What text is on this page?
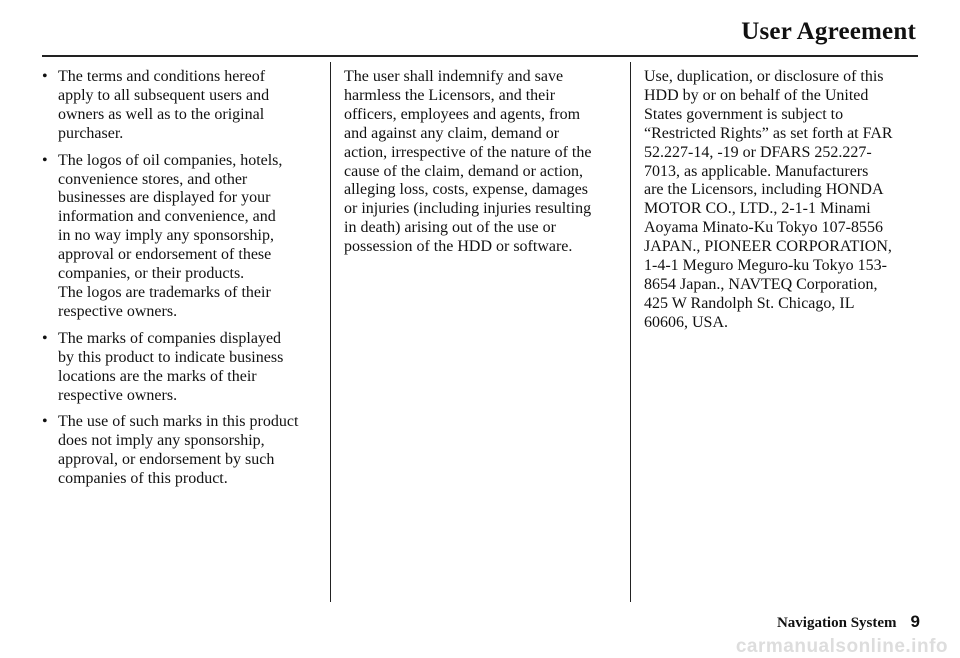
User Agreement
• The terms and conditions hereof
apply to all subsequent users and
owners as well as to the original
purchaser.

• The logos of oil companies, hotels,
convenience stores, and other
businesses are displayed for your
information and convenience, and
in no way imply any sponsorship,
approval or endorsement of these
companies, or their products.
The logos are trademarks of their
respective owners.

• The marks of companies displayed
by this product to indicate business
locations are the marks of their
respective owners.

• The use of such marks in this product
does not imply any sponsorship,
approval, or endorsement by such
companies of this product.

The user shall indemnify and save
harmless the Licensors, and their
officers, employees and agents, from
and against any claim, demand or
action, irrespective of the nature of the
cause of the claim, demand or action,
alleging loss, costs, expense, damages
or injuries (including injuries resulting
in death) arising out of the use or
possession of the HDD or software.

Use, duplication, or disclosure of this
HDD by or on behalf of the United
States government is subject to
“Restricted Rights” as set forth at FAR
52.227-14, -19 or DFARS 252.227-
7013, as applicable. Manufacturers
are the Licensors, including HONDA
MOTOR CO., LTD., 2-1-1 Minami
Aoyama Minato-Ku Tokyo 107-8556
JAPAN., PIONEER CORPORATION,
1-4-1 Meguro Meguro-ku Tokyo 153-
8654 Japan., NAVTEQ Corporation,
425 W Randolph St. Chicago, IL
60606, USA.

Navigation System 9
carmanualsonline.info
